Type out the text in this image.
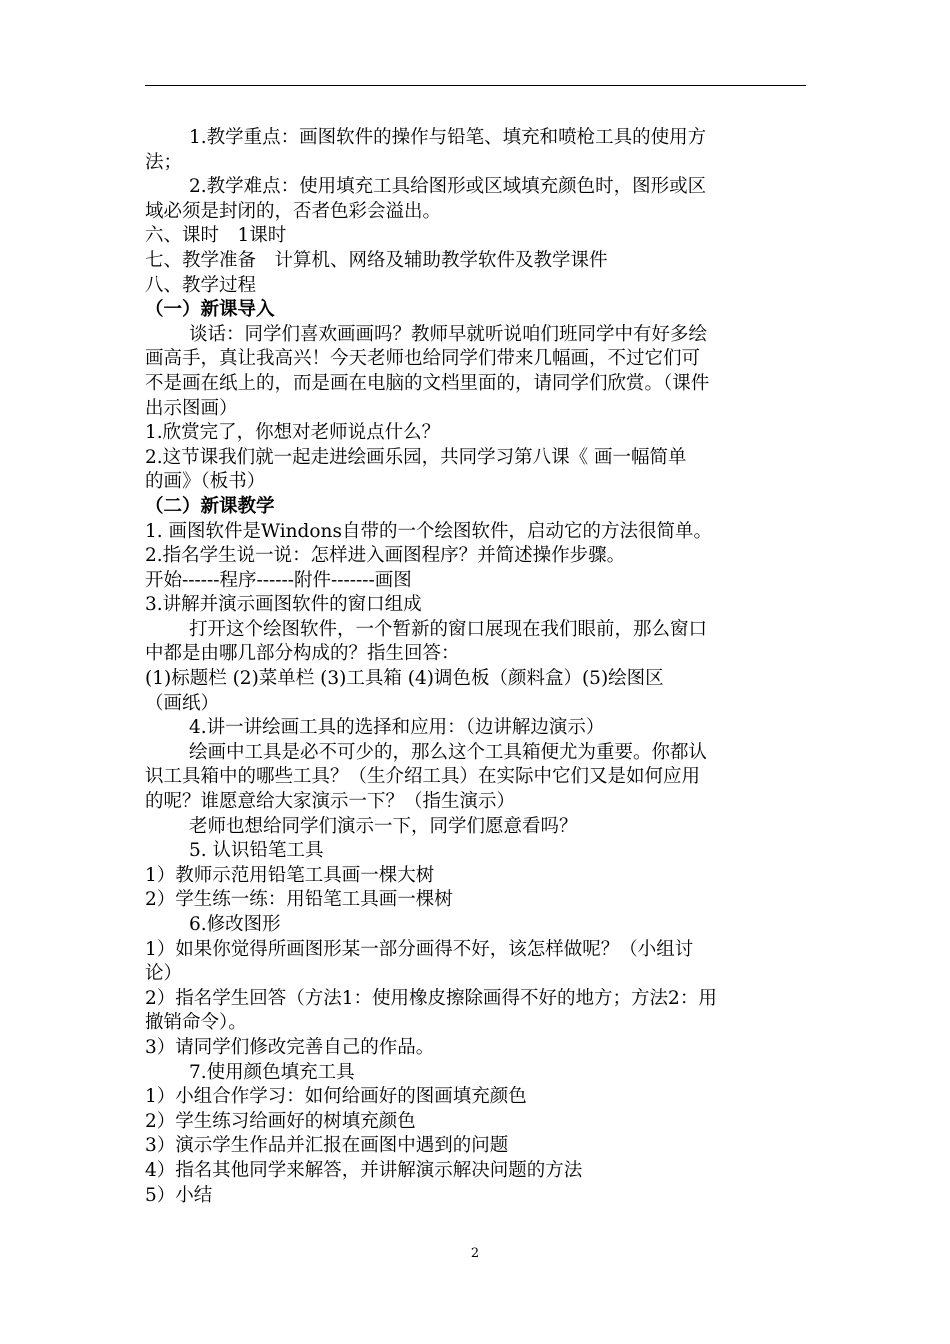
1.教学重点：画图软件的操作与铅笔、填充和喷枪工具的使用方
法；
2.教学难点：使用填充工具给图形或区域填充颜色时，图形或区
域必须是封闭的，否者色彩会溢出。
六、课时　1课时
七、教学准备　计算机、网络及辅助教学软件及教学课件
八、教学过程
（一）新课导入
谈话：同学们喜欢画画吗？教师早就听说咱们班同学中有好多绘
画高手，真让我高兴！今天老师也给同学们带来几幅画，不过它们可
不是画在纸上的，而是画在电脑的文档里面的，请同学们欣赏。（课件
出示图画）
1.欣赏完了，你想对老师说点什么？
2.这节课我们就一起走进绘画乐园，共同学习第八课《 画一幅简单
的画》（板书）
（二）新课教学
1. 画图软件是Windons自带的一个绘图软件，启动它的方法很简单。
2.指名学生说一说：怎样进入画图程序？并简述操作步骤。
开始------程序------附件-------画图
3.讲解并演示画图软件的窗口组成
打开这个绘图软件，一个暂新的窗口展现在我们眼前，那么窗口
中都是由哪几部分构成的？指生回答：
(1)标题栏 (2)菜单栏 (3)工具箱 (4)调色板（颜料盒）(5)绘图区
（画纸）
4.讲一讲绘画工具的选择和应用：（边讲解边演示）
绘画中工具是必不可少的，那么这个工具箱便尤为重要。你都认
识工具箱中的哪些工具？（生介绍工具）在实际中它们又是如何应用
的呢？谁愿意给大家演示一下？（指生演示）
老师也想给同学们演示一下，同学们愿意看吗？
5. 认识铅笔工具
1）教师示范用铅笔工具画一棵大树
2）学生练一练：用铅笔工具画一棵树
6.修改图形
1）如果你觉得所画图形某一部分画得不好，该怎样做呢？（小组讨
论）
2）指名学生回答（方法1：使用橡皮擦除画得不好的地方；方法2：用
撤销命令）。
3）请同学们修改完善自己的作品。
7.使用颜色填充工具
1）小组合作学习：如何给画好的图画填充颜色
2）学生练习给画好的树填充颜色
3）演示学生作品并汇报在画图中遇到的问题
4）指名其他同学来解答，并讲解演示解决问题的方法
5）小结
2
